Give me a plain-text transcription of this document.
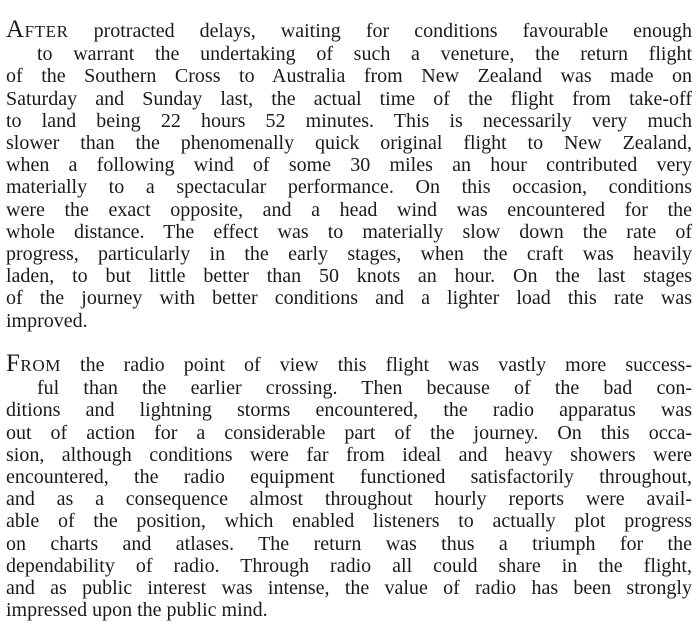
AFTER protracted delays, waiting for conditions favourable enough
to warrant the undertaking of such a veneture, the return flight
of the Southern Cross to Australia from New Zealand was made on
Saturday and Sunday last, the actual time of the flight from take-off
to land being 22 hours 52 minutes. This is necessarily very much
slower than the phenomenally quick original flight to New Zealand,
when a following wind of some 30 miles an hour contributed very
materially to a spectacular performance. On this occasion, conditions
were the exact opposite, and a head wind was encountered for the
whole distance. The effect was to materially slow down the rate of
progress, particularly in the early stages, when the craft was heavily
laden, to but little better than 50 knots an hour. On the last stages
of the journey with better conditions and a lighter load this rate was
improved.

FROM the radio point of view this flight was vastly more success-
ful than the earlier crossing. Then because of the bad con-
ditions and lightning storms encountered, the radio apparatus was
out of action for a considerable part of the journey. On this occa-
sion, although conditions were far from ideal and heavy showers were
encountered, the radio equipment functioned satisfactorily throughout,
and as a consequence almost throughout hourly reports were avail-
able of the position, which enabled listeners to actually plot progress
on charts and atlases. The return was thus a triumph for the
dependability of radio. Through radio all could share in the flight,
and as public interest was intense, the value of radio has been strongly
impressed upon the public mind.
